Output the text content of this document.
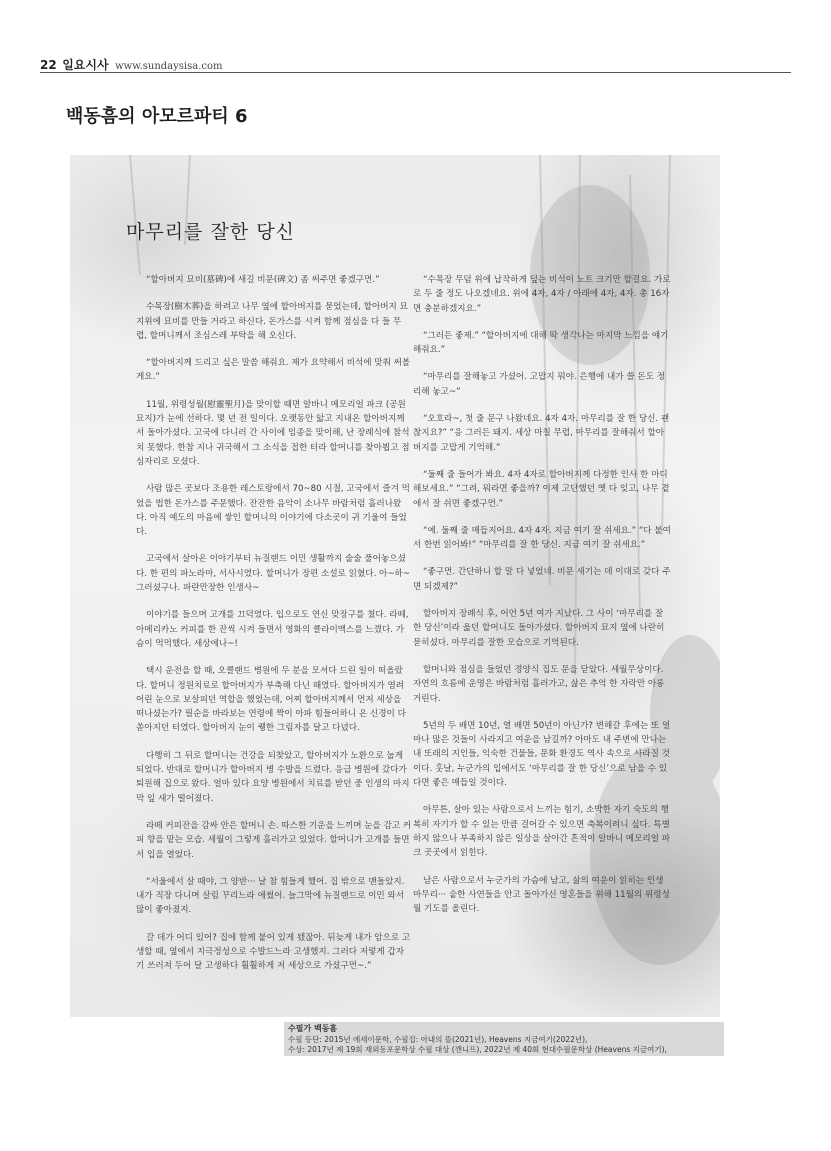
22 일요시사 www.sundaysisa.com
백동흠의 아모르파티 6
마무리를 잘한 당신

“할아버지 묘비(墓碑)에 새길 비문(碑文) 좀 써주면 좋겠구먼.”

수목장(樹木葬)을 하려고 나무 옆에 할아버지를 묻었는데, 할아버지 묘지위에 묘비를 만들 거라고 하신다. 돈가스를 시켜 함께 점심을 다 들 무렵, 할머니께서 조심스레 부탁을 해 오신다.

“할아버지께 드리고 싶은 말씀 해줘요. 제가 요약해서 비석에 맞춰 써볼게요.”

11월, 위령성월(慰靈聖月)을 맞이할 때면 알바니 메모리얼 파크 (공원묘지)가 눈에 선하다. 몇 년 전 일이다. 오랫동안 앓고 지내온 할아버지께서 돌아가셨다. 고국에 다니러 간 사이에 임종을 맞이해, 난 장례식에 참석치 못했다. 한참 지나 귀국해서 그 소식을 접한 터라 할머니를 찾아뵙고 점심자리로 모셨다.

사람 많은 곳보다 조용한 레스토랑에서 70~80 시절, 고국에서 즐겨 먹었을 법한 돈가스를 주문했다. 잔잔한 음악이 소나무 바람처럼 흘러나왔다. 아직 예도의 마음에 쌓인 할머니의 이야기에 다소곳이 귀 기울여 들었다.

고국에서 살아온 이야기부터 뉴질랜드 이민 생활까지 술술 풀어놓으셨다. 한 편의 파노라마, 서사시였다. 할머니가 장편 소설로 읽혔다. 아~하~ 그러셨구나. 파란만장한 인생사~

이야기를 들으며 고개를 끄덕였다. 입으로도 연신 맞장구를 쳤다. 라떼, 아메리카노 커피를 한 잔씩 시켜 들면서 영화의 클라이맥스를 느꼈다. 가슴이 먹먹했다. 세상에나~!

택시 운전을 할 때, 오클랜드 병원에 두 분을 모셔다 드린 일이 떠올랐다. 할머니 정원치료로 할아버지가 부축해 다닌 때였다. 할아버지가 염려 어린 눈으로 보살피던 역할을 했었는데, 어찌 할아버지께서 먼저 세상을 떠나셨는가? 필순을 바라보는 연령에 짝이 아파 힘들어하니 온 신경이 다 쏟아지던 터였다. 할아버지 눈이 퀭한 그림자를 달고 다녔다.

다행히 그 뒤로 할머니는 건강을 되찾았고, 할아버지가 노환으로 눕게 되었다. 반대로 할머니가 할아버지 병 수발을 드렸다. 응급 병원에 갔다가 퇴원해 집으로 왔다. 얼마 있다 요양 병원에서 치료를 받던 중 인생의 마지막 잎 새가 떨어졌다.

라떼 커피잔을 감싸 안은 할머니 손. 따스한 기운을 느끼며 눈을 감고 커피 향을 맡는 모습. 세월이 그렇게 흘러가고 있었다. 할머니가 고개를 들면서 입을 열었다.

“서울에서 살 때야, 그 양반··· 날 참 힘들게 했어. 집 밖으로 맨돌았지. 내가 직장 다니며 살림 꾸리느라 애썼어. 늘그막에 뉴질랜드로 이민 와서 많이 좋아졌지.

갈 데가 어디 있어? 집에 함께 붙어 있게 됐잖아. 뒤늦게 내가 암으로 고생할 때, 옆에서 지극정성으로 수발드느라 고생했지. 그러다 저렇게 갑자기 쓰러져 두어 달 고생하다 훨훨하게 저 세상으로 가셨구먼~.”

“수목장 무덤 위에 납작하게 덮는 비석이 노트 크기만 할걸요. 가로로 두 줄 정도 나오겠네요. 위에 4자, 4자 / 아래에 4자, 4자. 총 16자 면 충분하겠지요.”

“그러든 좋제.” “할아버지에 대해 딱 생각나는 마지막 느낌을 얘기해줘요.”

“마무리를 잘해놓고 가셨어. 고맙지 뭐야. 은행에 내가 쓸 돈도 정리해 놓고~”

“오호라~, 첫 줄 문구 나왔네요. 4자 4자. 마무리를 잘 한 당신. 괜찮지요?” “응 그러든 돼지. 세상 마칠 무렵, 마무리를 잘해줘서 할아버지를 고맙게 기억해.”

“둘째 줄 들어가 봐요. 4자 4자로 할아버지께 다정한 인사 한 마디 해보세요.” “그려, 뭐라면 좋을까? 이제 고단했던 옛 다 잊고, 나무 곁에서 잘 쉬면 좋겠구먼.”

“예. 둘째 줄 매듭지어요. 4자 4자. 지금 여기 잘 쉬세요.” “다 붙여서 한번 읽어봐!” “마무리를 잘 한 당신. 지금 여기 잘 쉬세요.”

“좋구먼. 간단하니 할 말 다 넣었네. 비문 새기는 데 이대로 갖다 주면 되겠제?”

할아버지 장례식 후, 어언 5년 여가 지났다. 그 사이 ‘마무리를 잘 한 당신’이라 읊던 할머니도 돌아가셨다. 할아버지 묘지 옆에 나란히 묻히셨다. 마무리를 잘한 모습으로 기억된다.

할머니와 점심을 들었던 경양식 집도 문을 닫았다. 세월무상이다. 자연의 흐름에 운명은 바람처럼 흘러가고, 삶은 추억 한 자락만 아롱거린다.

5년의 두 배면 10년, 열 배면 50년이 아닌가? 변해갈 후에는 또 얼마나 많은 것들이 사라지고 여운을 남길까? 아마도 내 주변에 만나는 내 또래의 지인들, 익숙한 건물들, 문화 환경도 역사 속으로 사라질 것이다. 훗날, 누군가의 입에서도 ‘마무리를 잘 한 당신’으로 남을 수 있다면 좋은 매듭일 것이다.

아무튼, 살아 있는 사람으로서 느끼는 힘기, 소박한 자기 숙도의 행복히 자기가 할 수 있는 만큼 걸어갈 수 있으면 축복이려니 싶다. 특별하지 않으나 부족하지 않은 일상을 살아간 흔적이 알바니 메모리얼 파크 곳곳에서 읽힌다.

남은 사람으로서 누군가의 가슴에 남고, 삶의 여운이 읽히는 인생 마무리··· 숱한 사연들을 안고 돌아가신 영혼들을 위해 11월의 위령성월 기도를 올린다.

수필가 백동흠
수필 등단: 2015년 에세이문학, 수필집: 아내의 뜰(2021년), Heavens 지금여기(2022년),
수상: 2017년 제 19회 재외동포문학상 수필 대상 (깬니프), 2022년 제 40회 현대수필문학상 (Heavens 지금여기),
